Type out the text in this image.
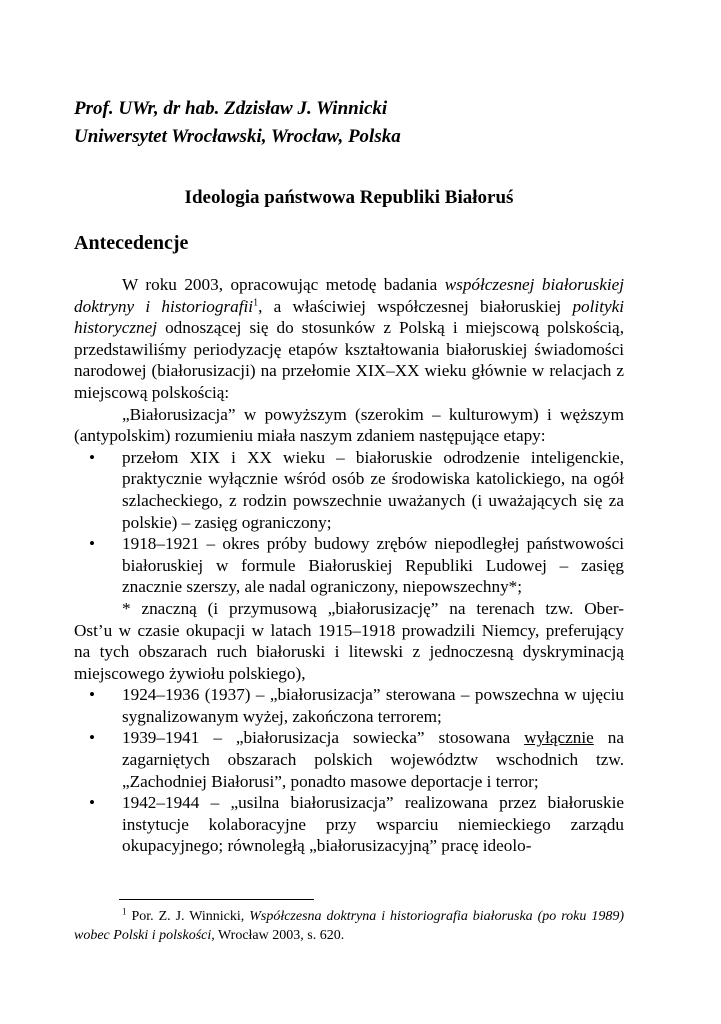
Prof. UWr, dr hab. Zdzisław J. Winnicki

Uniwersytet Wrocławski, Wrocław, Polska

Ideologia państwowa Republiki Białoruś
Antecedencje

W roku 2003, opracowując metodę badania współczesnej białoruskiej doktryny i historiografii$^1$, a właściwiej współczesnej białoruskiej polityki historycznej odnoszącej się do stosunków z Polską i miejscową polskością, przedstawiliśmy periodyzację etapów kształtowania białoruskiej świadomości narodowej (białorusizacji) na przełomie XIX–XX wieku głównie w relacjach z miejscową polskością:

„Białorusizacja” w powyższym (szerokim – kulturowym) i węższym (antypolskim) rozumieniu miała naszym zdaniem następujące etapy:

• przełom XIX i XX wieku – białoruskie odrodzenie inteligenckie, praktycznie wyłącznie wśród osób ze środowiska katolickiego, na ogół szlacheckiego, z rodzin powszechnie uważanych (i uważających się za polskie) – zasięg ograniczony;
• 1918–1921 – okres próby budowy zrębów niepodległej państwowości białoruskiej w formule Białoruskiej Republiki Ludowej – zasięg znacznie szerszy, ale nadal ograniczony, niepowszechny*;

* znaczną (i przymusową „białorusizację” na terenach tzw. Ober-
Ost’u w czasie okupacji w latach 1915–1918 prowadzili Niemcy, preferujący na tych obszarach ruch białoruski i litewski z jednoczesną dyskryminacją miejscowego żywiołu polskiego),

• 1924–1936 (1937) – „białorusizacja” sterowana – powszechna w ujęciu sygnalizowanym wyżej, zakończona terrorem;
• 1939–1941 – „białorusizacja sowiecka” stosowana wyłącznie na zagarniętych obszarach polskich województw wschodnich tzw. „Zachodniej Białorusi”, ponadto masowe deportacje i terror;
• 1942–1944 – „usilna białorusizacja” realizowana przez białoruskie instytucje kolaboracyjne przy wsparciu niemieckiego zarządu okupacyjnego; równoległą „białorusizacyjną” pracę ideolo-

$^1$ Por. Z. J. Winnicki, Współczesna doktryna i historiografia białoruska (po roku 1989) wobec Polski i polskości, Wrocław 2003, s. 620.
